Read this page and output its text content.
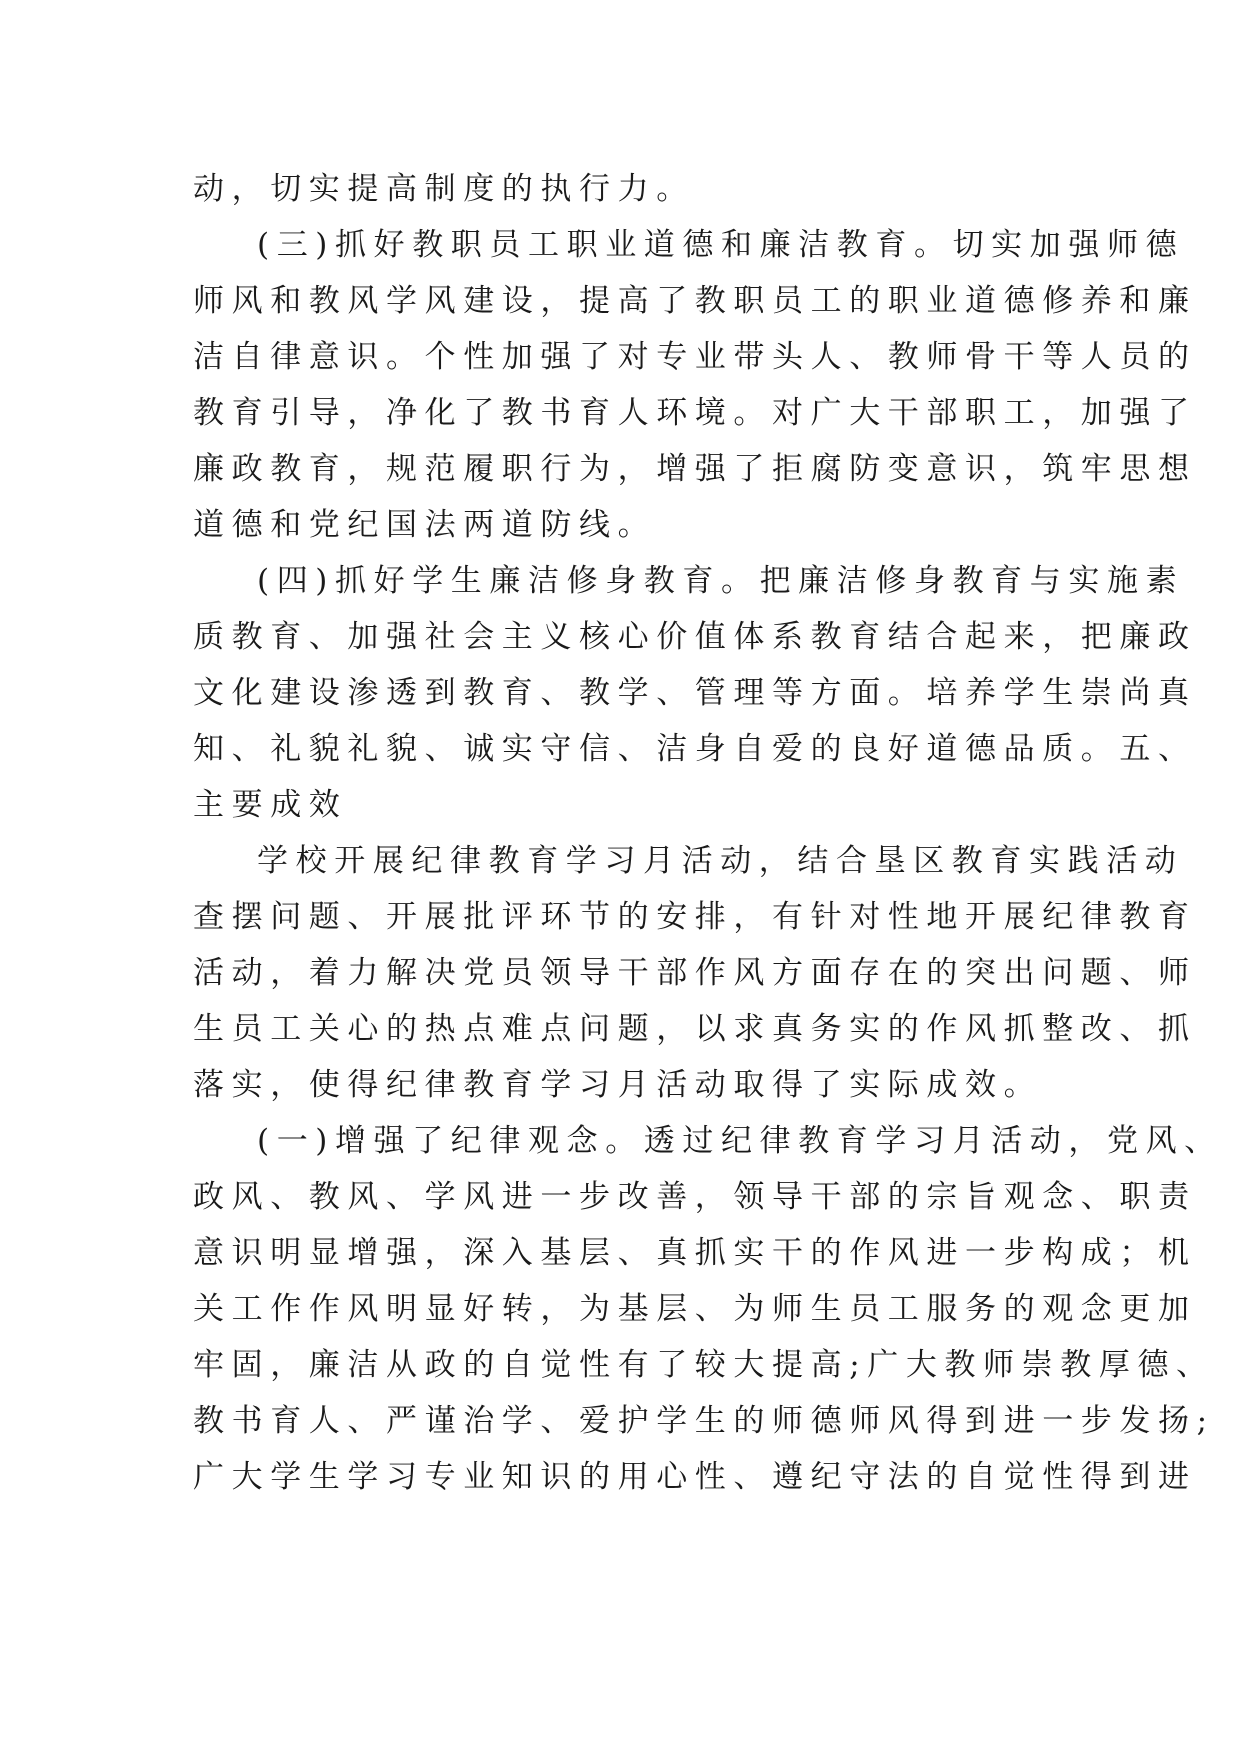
动，切实提高制度的执行力。
(三)抓好教职员工职业道德和廉洁教育。切实加强师德
师风和教风学风建设，提高了教职员工的职业道德修养和廉
洁自律意识。个性加强了对专业带头人、教师骨干等人员的
教育引导，净化了教书育人环境。对广大干部职工，加强了
廉政教育，规范履职行为，增强了拒腐防变意识，筑牢思想
道德和党纪国法两道防线。
(四)抓好学生廉洁修身教育。把廉洁修身教育与实施素
质教育、加强社会主义核心价值体系教育结合起来，把廉政
文化建设渗透到教育、教学、管理等方面。培养学生崇尚真
知、礼貌礼貌、诚实守信、洁身自爱的良好道德品质。五、
主要成效
学校开展纪律教育学习月活动，结合垦区教育实践活动
查摆问题、开展批评环节的安排，有针对性地开展纪律教育
活动，着力解决党员领导干部作风方面存在的突出问题、师
生员工关心的热点难点问题，以求真务实的作风抓整改、抓
落实，使得纪律教育学习月活动取得了实际成效。
(一)增强了纪律观念。透过纪律教育学习月活动，党风、
政风、教风、学风进一步改善，领导干部的宗旨观念、职责
意识明显增强，深入基层、真抓实干的作风进一步构成；机
关工作作风明显好转，为基层、为师生员工服务的观念更加
牢固，廉洁从政的自觉性有了较大提高;广大教师崇教厚德、
教书育人、严谨治学、爱护学生的师德师风得到进一步发扬;
广大学生学习专业知识的用心性、遵纪守法的自觉性得到进
